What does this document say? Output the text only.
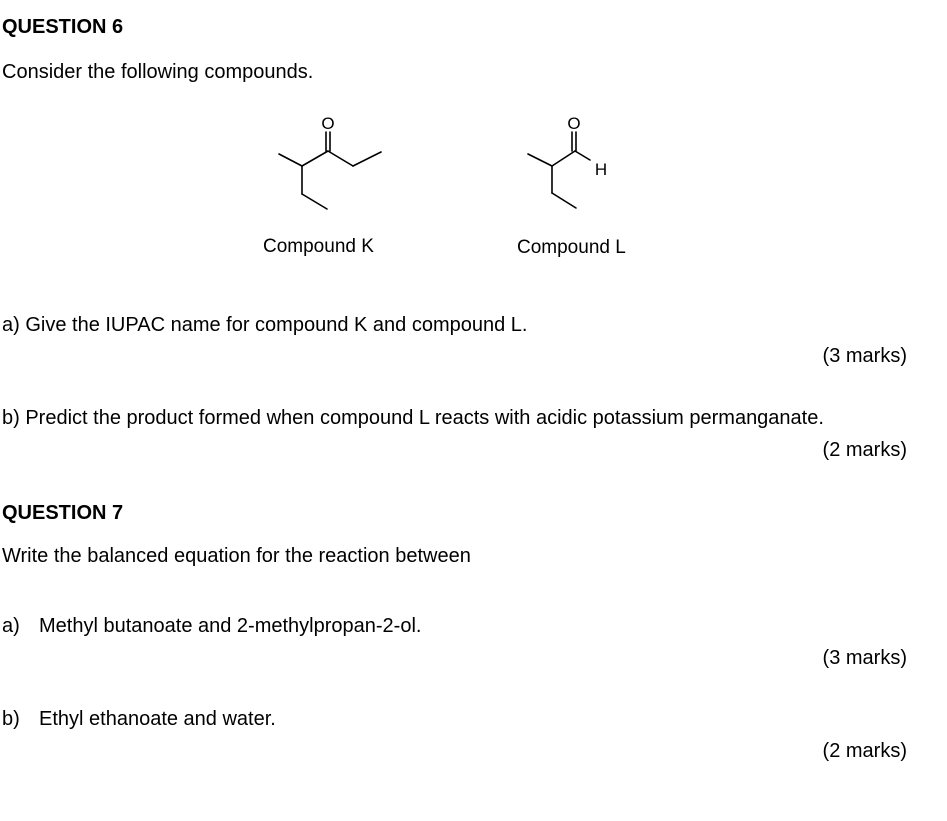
QUESTION 6
Consider the following compounds.
O
Compound K
O
H
Compound L
a) Give the IUPAC name for compound K and compound L.
(3 marks)
b) Predict the product formed when compound L reacts with acidic potassium permanganate.
(2 marks)
QUESTION 7
Write the balanced equation for the reaction between
a) Methyl butanoate and 2-methylpropan-2-ol.
(3 marks)
b) Ethyl ethanoate and water.
(2 marks)
